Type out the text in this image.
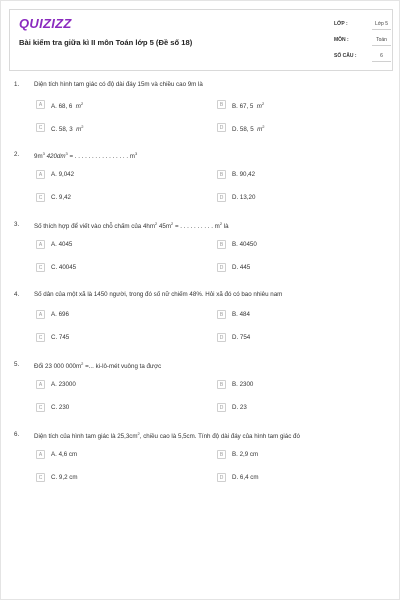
QUIZIZZ
Bài kiểm tra giữa kì II môn Toán lớp 5 (Đề số 18)
LỚP :	Lớp 5
MÔN :	Toán
SỐ CÂU :	6
1. Diện tích hình tam giác có độ dài đáy 15m và chiều cao 9m là
A	A. 68, 6 $m^2$	B	B. 67, 5 $m^2$
C	C. 58, 3 $m^2$	D	D. 58, 5 $m^2$
2. $9m^3$ $420dm^3$ = . . . . . . . . . . . . . . . . $m^3$
A	A. 9,042	B	B. 90,42
C	C. 9,42	D	D. 13,20
3. Số thích hợp để viết vào chỗ chấm của $4hm^2$ $45m^2$ = . . . . . . . . . . $m^2$ là
A	A. 4045	B	B. 40450
C	C. 40045	D	D. 445
4. Số dân của một xã là 1450 người, trong đó số nữ chiếm 48%. Hỏi xã đó có bao nhiêu nam
A	A. 696	B	B. 484
C	C. 745	D	D. 754
5. Đổi 23 000 $000m^2$ =... ki-lô-mét vuông ta được
A	A. 23000	B	B. 2300
C	C. 230	D	D. 23
6. Diện tích của hình tam giác là $25,3cm^2$, chiều cao là 5,5cm. Tính độ dài đáy của hình tam giác đó
A	A. 4,6 cm	B	B. 2,9 cm
C	C. 9,2 cm	D	D. 6,4 cm
